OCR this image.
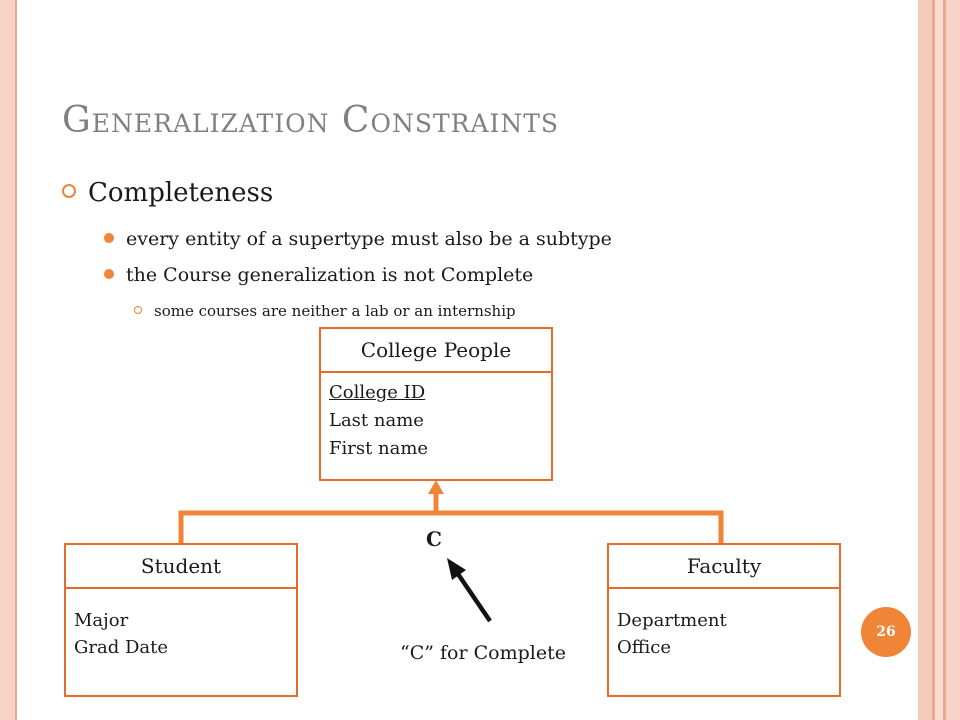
Generalization Constraints
Completeness
every entity of a supertype must also be a subtype
the Course generalization is not Complete
some courses are neither a lab or an internship
College People
College ID
Last name
First name
Student
Major
Grad Date
Faculty
Department
Office
C
“C” for Complete
26
